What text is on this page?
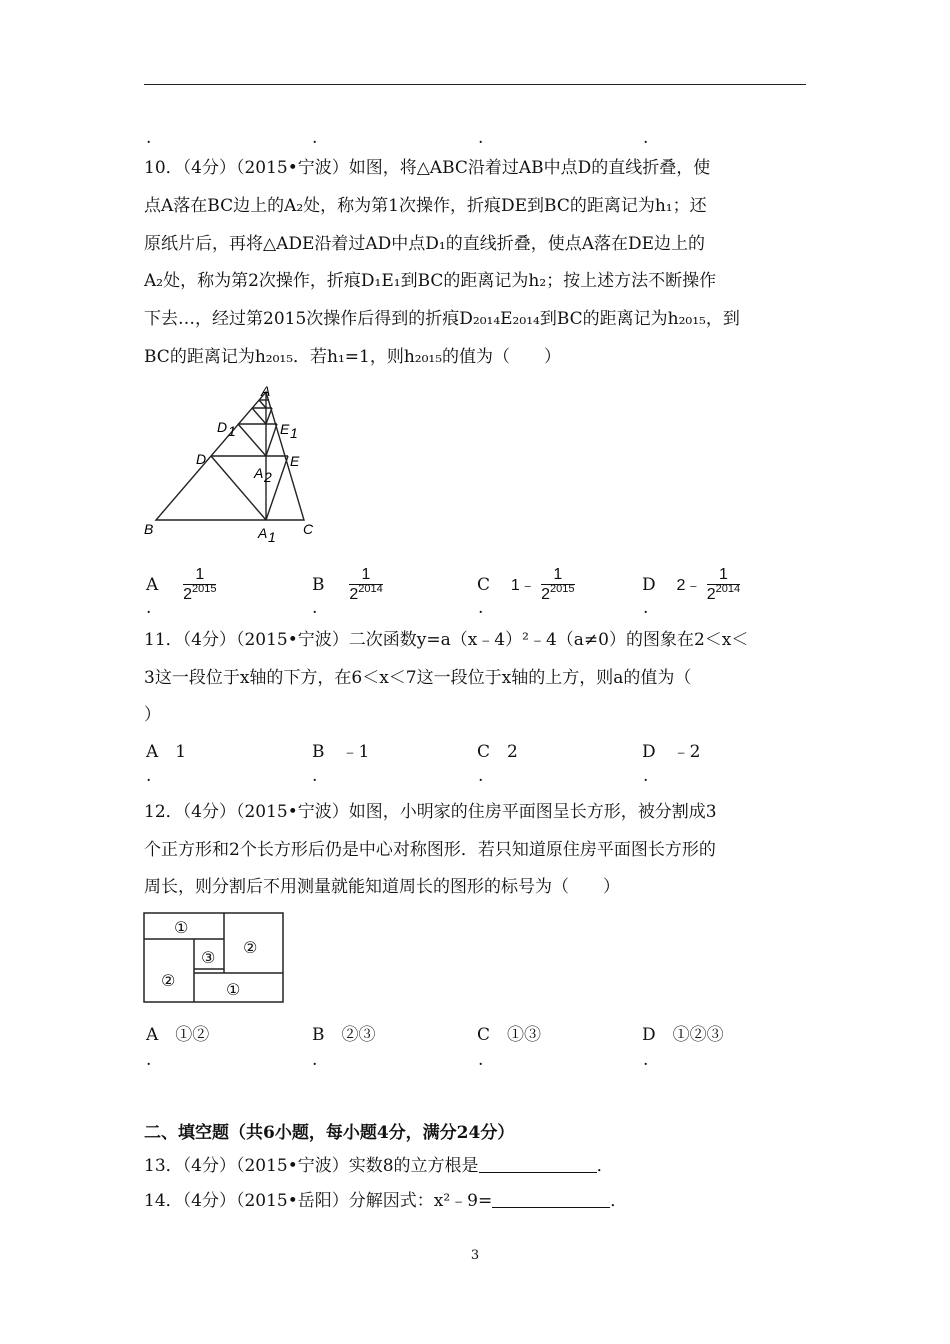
.	.	.	.
10．（4分）（2015•宁波）如图，将△ABC沿着过AB中点D的直线折叠，使
点A落在BC边上的A₂处，称为第1次操作，折痕DE到BC的距离记为h₁；还
原纸片后，再将△ADE沿着过AD中点D₁的直线折叠，使点A落在DE边上的
A₂处，称为第2次操作，折痕D₁E₁到BC的距离记为h₂；按上述方法不断操作
下去…，经过第2015次操作后得到的折痕D₂₀₁₄E₂₀₁₄到BC的距离记为h₂₀₁₅，到
BC的距离记为h₂₀₁₅．若h₁=1，则h₂₀₁₅的值为（　　）
A
D 1	E 1
D	E
A 2
B	A 1 C
A $\frac{1}{2^{2015}}$	B $\frac{1}{2^{2014}}$	C 1﹣ $\frac{1}{2^{2015}}$	D 2﹣ $\frac{1}{2^{2014}}$
.	.	.	.
11．（4分）（2015•宁波）二次函数y=a（x﹣4）²﹣4（a≠0）的图象在2＜x＜
3这一段位于x轴的下方，在6＜x＜7这一段位于x轴的上方，则a的值为（
）
A　 1	B　 ﹣1	C　 2	D　 ﹣2
.	.	.	.
12．（4分）（2015•宁波）如图，小明家的住房平面图呈长方形，被分割成3
个正方形和2个长方形后仍是中心对称图形．若只知道原住房平面图长方形的
周长，则分割后不用测量就能知道周长的图形的标号为（　　）
①
②
③
②	①
A　 ①②	B　 ②③	C　 ①③	D　 ①②③
.	.	.	.
二、填空题（共6小题，每小题4分，满分24分）
13．（4分）（2015•宁波）实数8的立方根是	．
14．（4分）（2015•岳阳）分解因式：x²﹣9=	．
3
